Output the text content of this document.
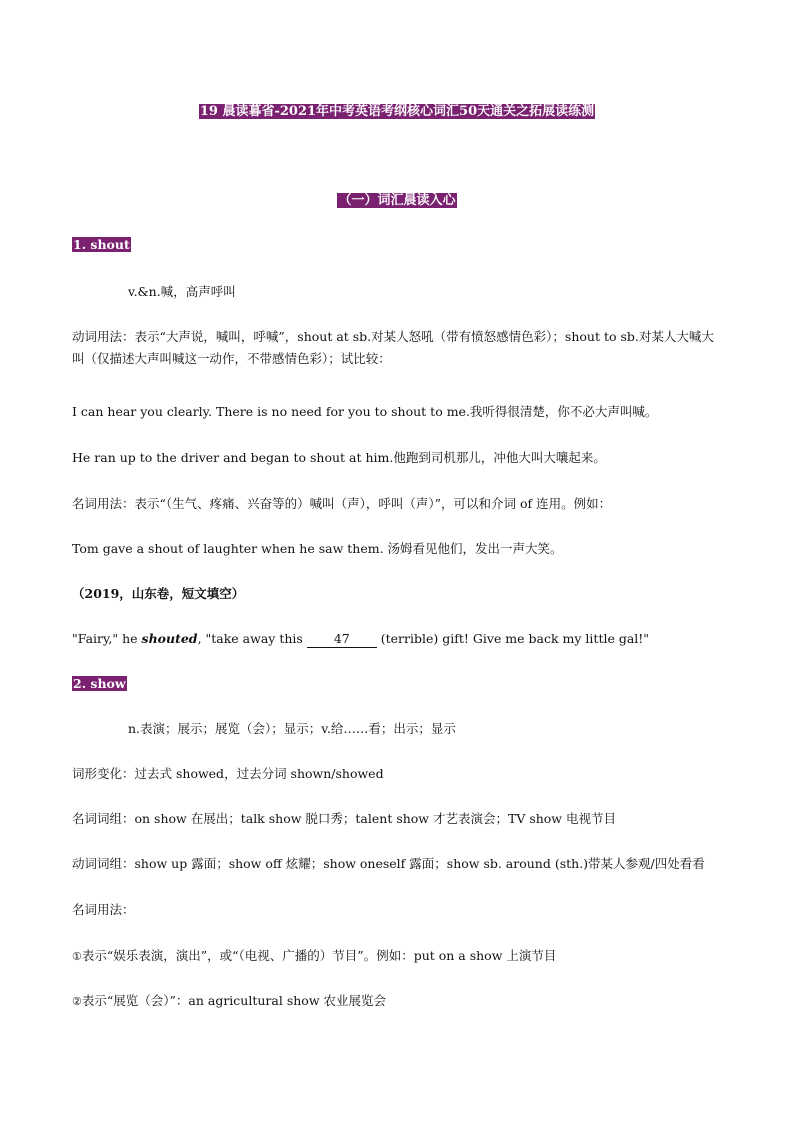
19 晨读暮省-2021年中考英语考纲核心词汇50天通关之拓展读练测
（一）词汇晨读入心
1. shout
v.&n.喊，高声呼叫
动词用法：表示“大声说，喊叫，呼喊”，shout at sb.对某人怒吼（带有愤怒感情色彩）；shout to sb.对某人大喊大叫（仅描述大声叫喊这一动作，不带感情色彩）；试比较：
I can hear you clearly. There is no need for you to shout to me.我听得很清楚，你不必大声叫喊。
He ran up to the driver and began to shout at him.他跑到司机那儿，冲他大叫大嚷起来。
名词用法：表示“（生气、疼痛、兴奋等的）喊叫（声），呼叫（声）”，可以和介词 of 连用。例如：
Tom gave a shout of laughter when he saw them. 汤姆看见他们，发出一声大笑。
（2019，山东卷，短文填空）
"Fairy," he shouted, "take away this 47 (terrible) gift! Give me back my little gal!"
2. show
n.表演；展示；展览（会）；显示；v.给……看；出示；显示
词形变化：过去式 showed，过去分词 shown/showed
名词词组：on show 在展出；talk show 脱口秀；talent show 才艺表演会；TV show 电视节目
动词词组：show up 露面；show off 炫耀；show oneself 露面；show sb. around (sth.)带某人参观/四处看看
名词用法：
①表示“娱乐表演，演出”，或“（电视、广播的）节目”。例如：put on a show 上演节目
②表示“展览（会）”：an agricultural show 农业展览会
